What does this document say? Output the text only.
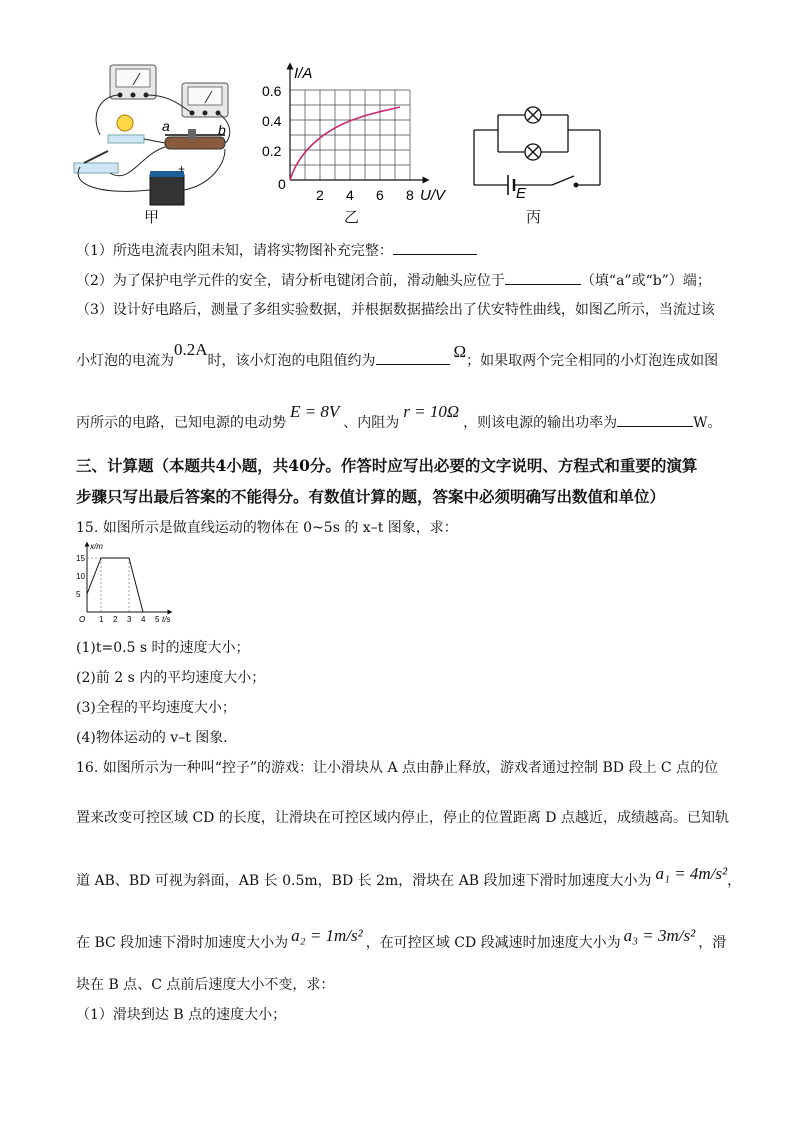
a	b
+
甲
I/A
U/V
0
0.6
0.4
0.2
2 4 6 8
乙
E
丙
（1）所选电流表内阻未知，请将实物图补充完整：
（2）为了保护电学元件的安全，请分析电键闭合前，滑动触头应位于	（填“a”或“b”）端；
（3）设计好电路后，测量了多组实验数据，并根据数据描绘出了伏安特性曲线，如图乙所示，当流过该
小灯泡的电流为0.2A时，该小灯泡的电阻值约为	Ω；如果取两个完全相同的小灯泡连成如图
丙所示的电路，已知电源的电动势E = 8V、内阻为r = 10Ω，则该电源的输出功率为	W。
三、计算题（本题共4小题，共40分。作答时应写出必要的文字说明、方程式和重要的演算
步骤只写出最后答案的不能得分。有数值计算的题，答案中必须明确写出数值和单位）
15. 如图所示是做直线运动的物体在 0~5s 的 x–t 图象，求：
x/m
t/s
O
15
10
5
1 2 3 4 5
(1)t=0.5 s 时的速度大小；
(2)前 2 s 内的平均速度大小；
(3)全程的平均速度大小；
(4)物体运动的 v–t 图象．
16. 如图所示为一种叫“控子”的游戏：让小滑块从 A 点由静止释放，游戏者通过控制 BD 段上 C 点的位
置来改变可控区域 CD 的长度，让滑块在可控区域内停止，停止的位置距离 D 点越近，成绩越高。已知轨
道 AB、BD 可视为斜面，AB 长 0.5m，BD 长 2m，滑块在 AB 段加速下滑时加速度大小为 a₁ = 4m/s²，
在 BC 段加速下滑时加速度大小为 a₂ = 1m/s² ，在可控区域 CD 段减速时加速度大小为 a₃ = 3m/s² ，滑
块在 B 点、C 点前后速度大小不变，求：
（1）滑块到达 B 点的速度大小；
